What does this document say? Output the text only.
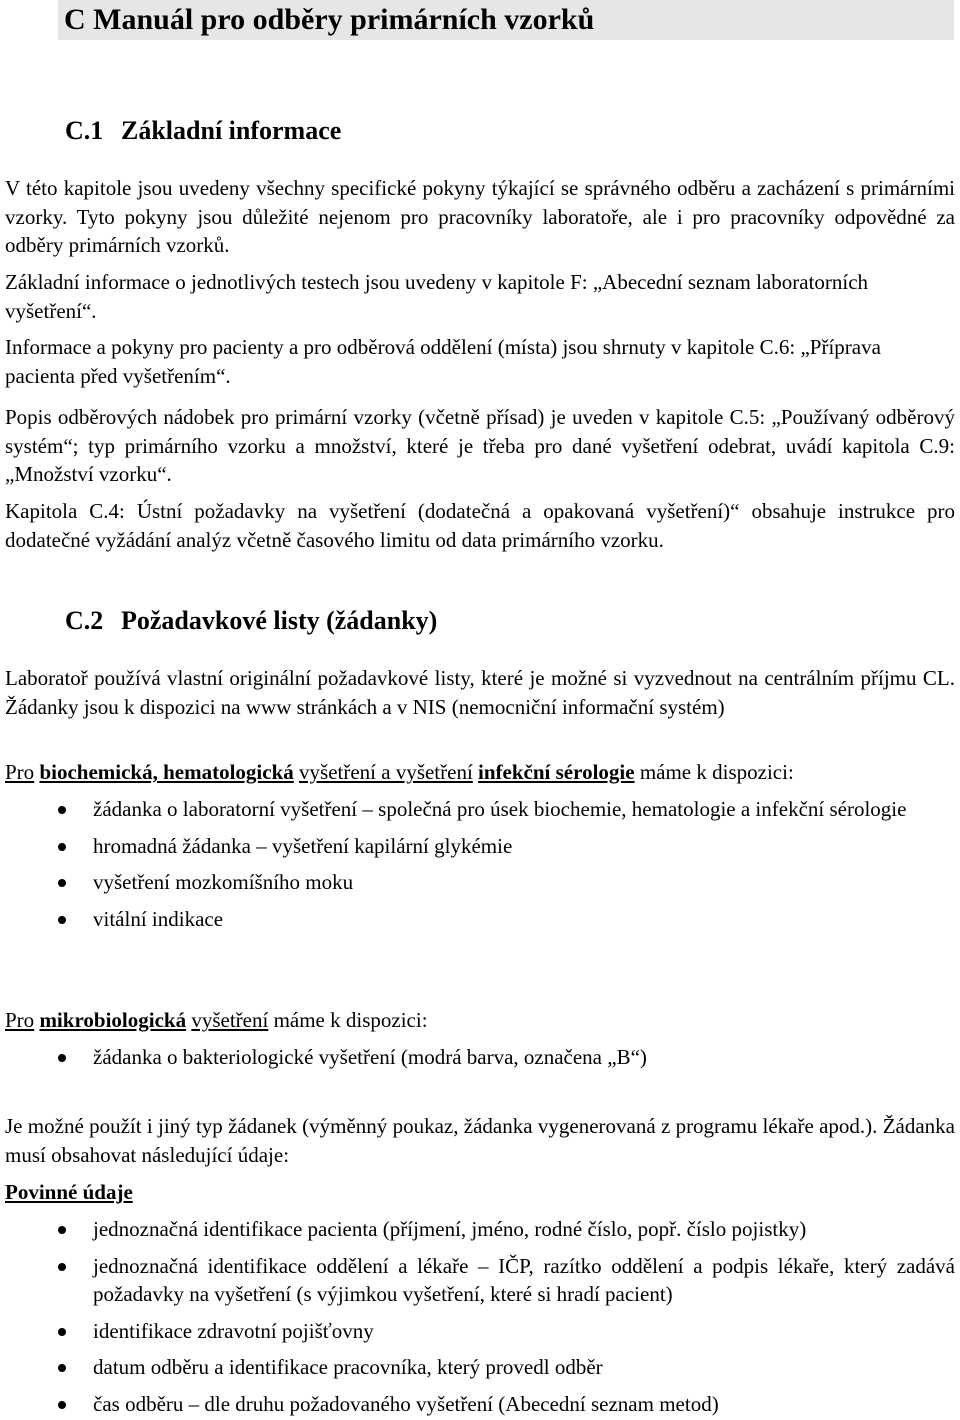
C Manuál pro odběry primárních vzorků
C.1 Základní informace

V této kapitole jsou uvedeny všechny specifické pokyny týkající se správného odběru a zacházení s primárními vzorky. Tyto pokyny jsou důležité nejenom pro pracovníky laboratoře, ale i pro pracovníky odpovědné za odběry primárních vzorků.

Základní informace o jednotlivých testech jsou uvedeny v kapitole F: „Abecední seznam laboratorních vyšetření“.

Informace a pokyny pro pacienty a pro odběrová oddělení (místa) jsou shrnuty v kapitole C.6: „Příprava pacienta před vyšetřením“.

Popis odběrových nádobek pro primární vzorky (včetně přísad) je uveden v kapitole C.5: „Používaný odběrový systém“; typ primárního vzorku a množství, které je třeba pro dané vyšetření odebrat, uvádí kapitola C.9: „Množství vzorku“.

Kapitola C.4: Ústní požadavky na vyšetření (dodatečná a opakovaná vyšetření)“ obsahuje instrukce pro dodatečné vyžádání analýz včetně časového limitu od data primárního vzorku.

C.2 Požadavkové listy (žádanky)

Laboratoř používá vlastní originální požadavkové listy, které je možné si vyzvednout na centrálním příjmu CL. Žádanky jsou k dispozici na www stránkách a v NIS (nemocniční informační systém)

Pro biochemická, hematologická vyšetření a vyšetření infekční sérologie máme k dispozici:

žádanka o laboratorní vyšetření – společná pro úsek biochemie, hematologie a infekční sérologie
hromadná žádanka – vyšetření kapilární glykémie
vyšetření mozkomíšního moku
vitální indikace

Pro mikrobiologická vyšetření máme k dispozici:

žádanka o bakteriologické vyšetření (modrá barva, označena „B“)

Je možné použít i jiný typ žádanek (výměnný poukaz, žádanka vygenerovaná z programu lékaře apod.). Žádanka musí obsahovat následující údaje:

Povinné údaje

jednoznačná identifikace pacienta (příjmení, jméno, rodné číslo, popř. číslo pojistky)
jednoznačná identifikace oddělení a lékaře – IČP, razítko oddělení a podpis lékaře, který zadává požadavky na vyšetření (s výjimkou vyšetření, které si hradí pacient)
identifikace zdravotní pojišťovny
datum odběru a identifikace pracovníka, který provedl odběr
čas odběru – dle druhu požadovaného vyšetření (Abecední seznam metod)
